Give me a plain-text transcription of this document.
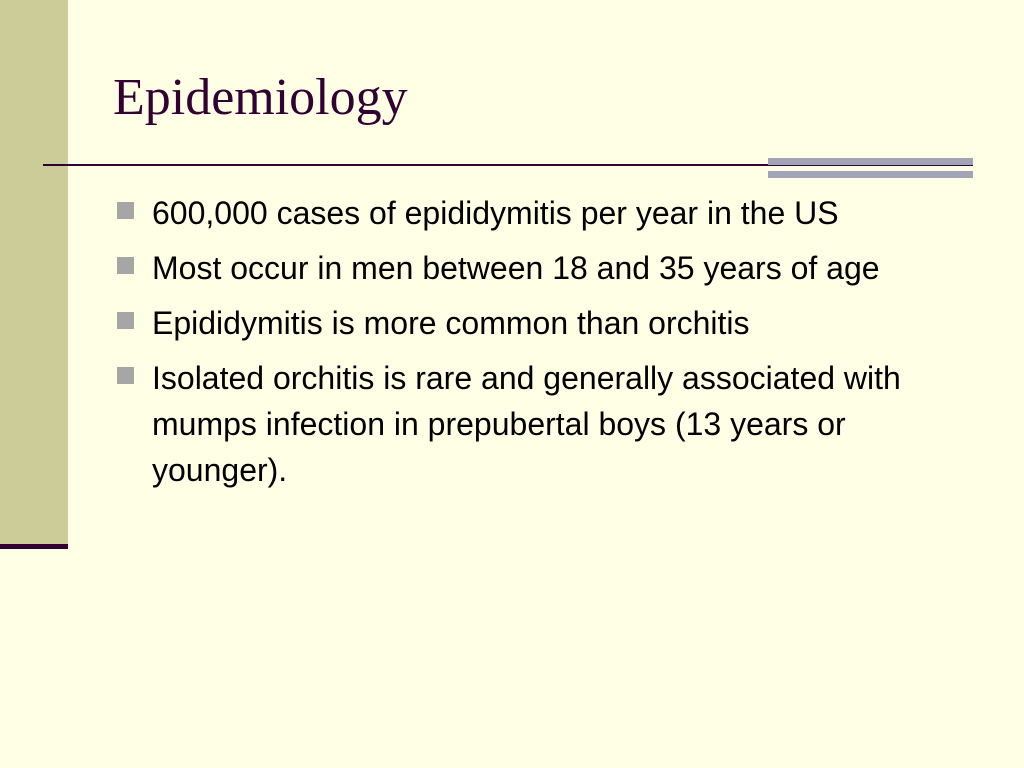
Epidemiology
600,000 cases of epididymitis per year in the US
Most occur in men between 18 and 35 years of age
Epididymitis is more common than orchitis
Isolated orchitis is rare and generally associated with mumps infection in prepubertal boys (13 years or younger).
